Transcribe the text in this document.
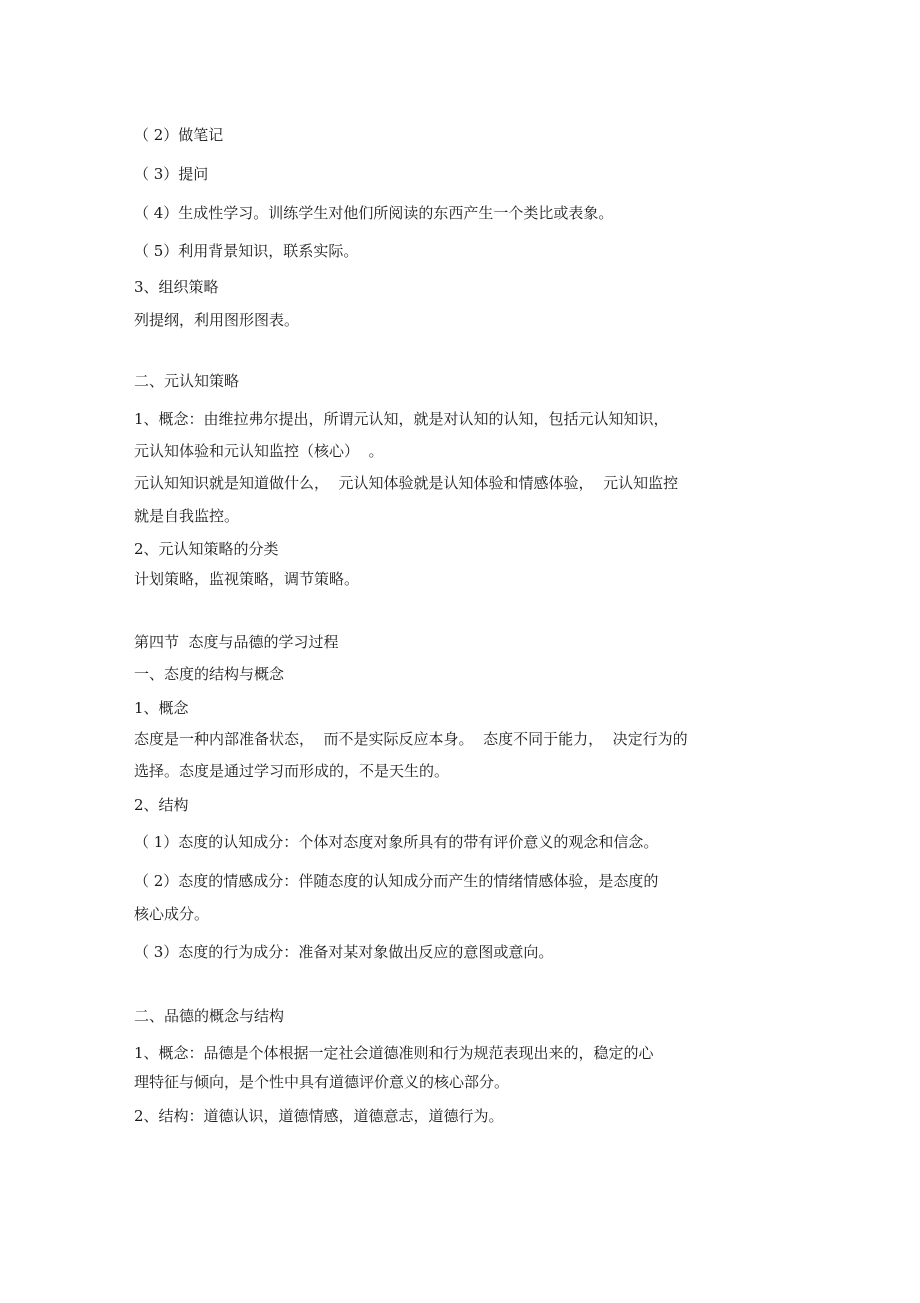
（ 2）做笔记
（ 3）提问
（ 4）生成性学习。训练学生对他们所阅读的东西产生一个类比或表象。
（ 5）利用背景知识，联系实际。
3、组织策略
列提纲，利用图形图表。
二、元认知策略
1、概念：由维拉弗尔提出，所谓元认知，就是对认知的认知，包括元认知知识，
元认知体验和元认知监控（核心）  。
元认知知识就是知道做什么，  元认知体验就是认知体验和情感体验，  元认知监控
就是自我监控。
2、元认知策略的分类
计划策略，监视策略，调节策略。
第四节  态度与品德的学习过程
一、态度的结构与概念
1、概念
态度是一种内部准备状态，  而不是实际反应本身。  态度不同于能力，  决定行为的
选择。态度是通过学习而形成的，不是天生的。
2、结构
（ 1）态度的认知成分：个体对态度对象所具有的带有评价意义的观念和信念。
（ 2）态度的情感成分：伴随态度的认知成分而产生的情绪情感体验，是态度的
核心成分。
（ 3）态度的行为成分：准备对某对象做出反应的意图或意向。
二、品德的概念与结构
1、概念：品德是个体根据一定社会道德准则和行为规范表现出来的，稳定的心
理特征与倾向，是个性中具有道德评价意义的核心部分。
2、结构：道德认识，道德情感，道德意志，道德行为。
